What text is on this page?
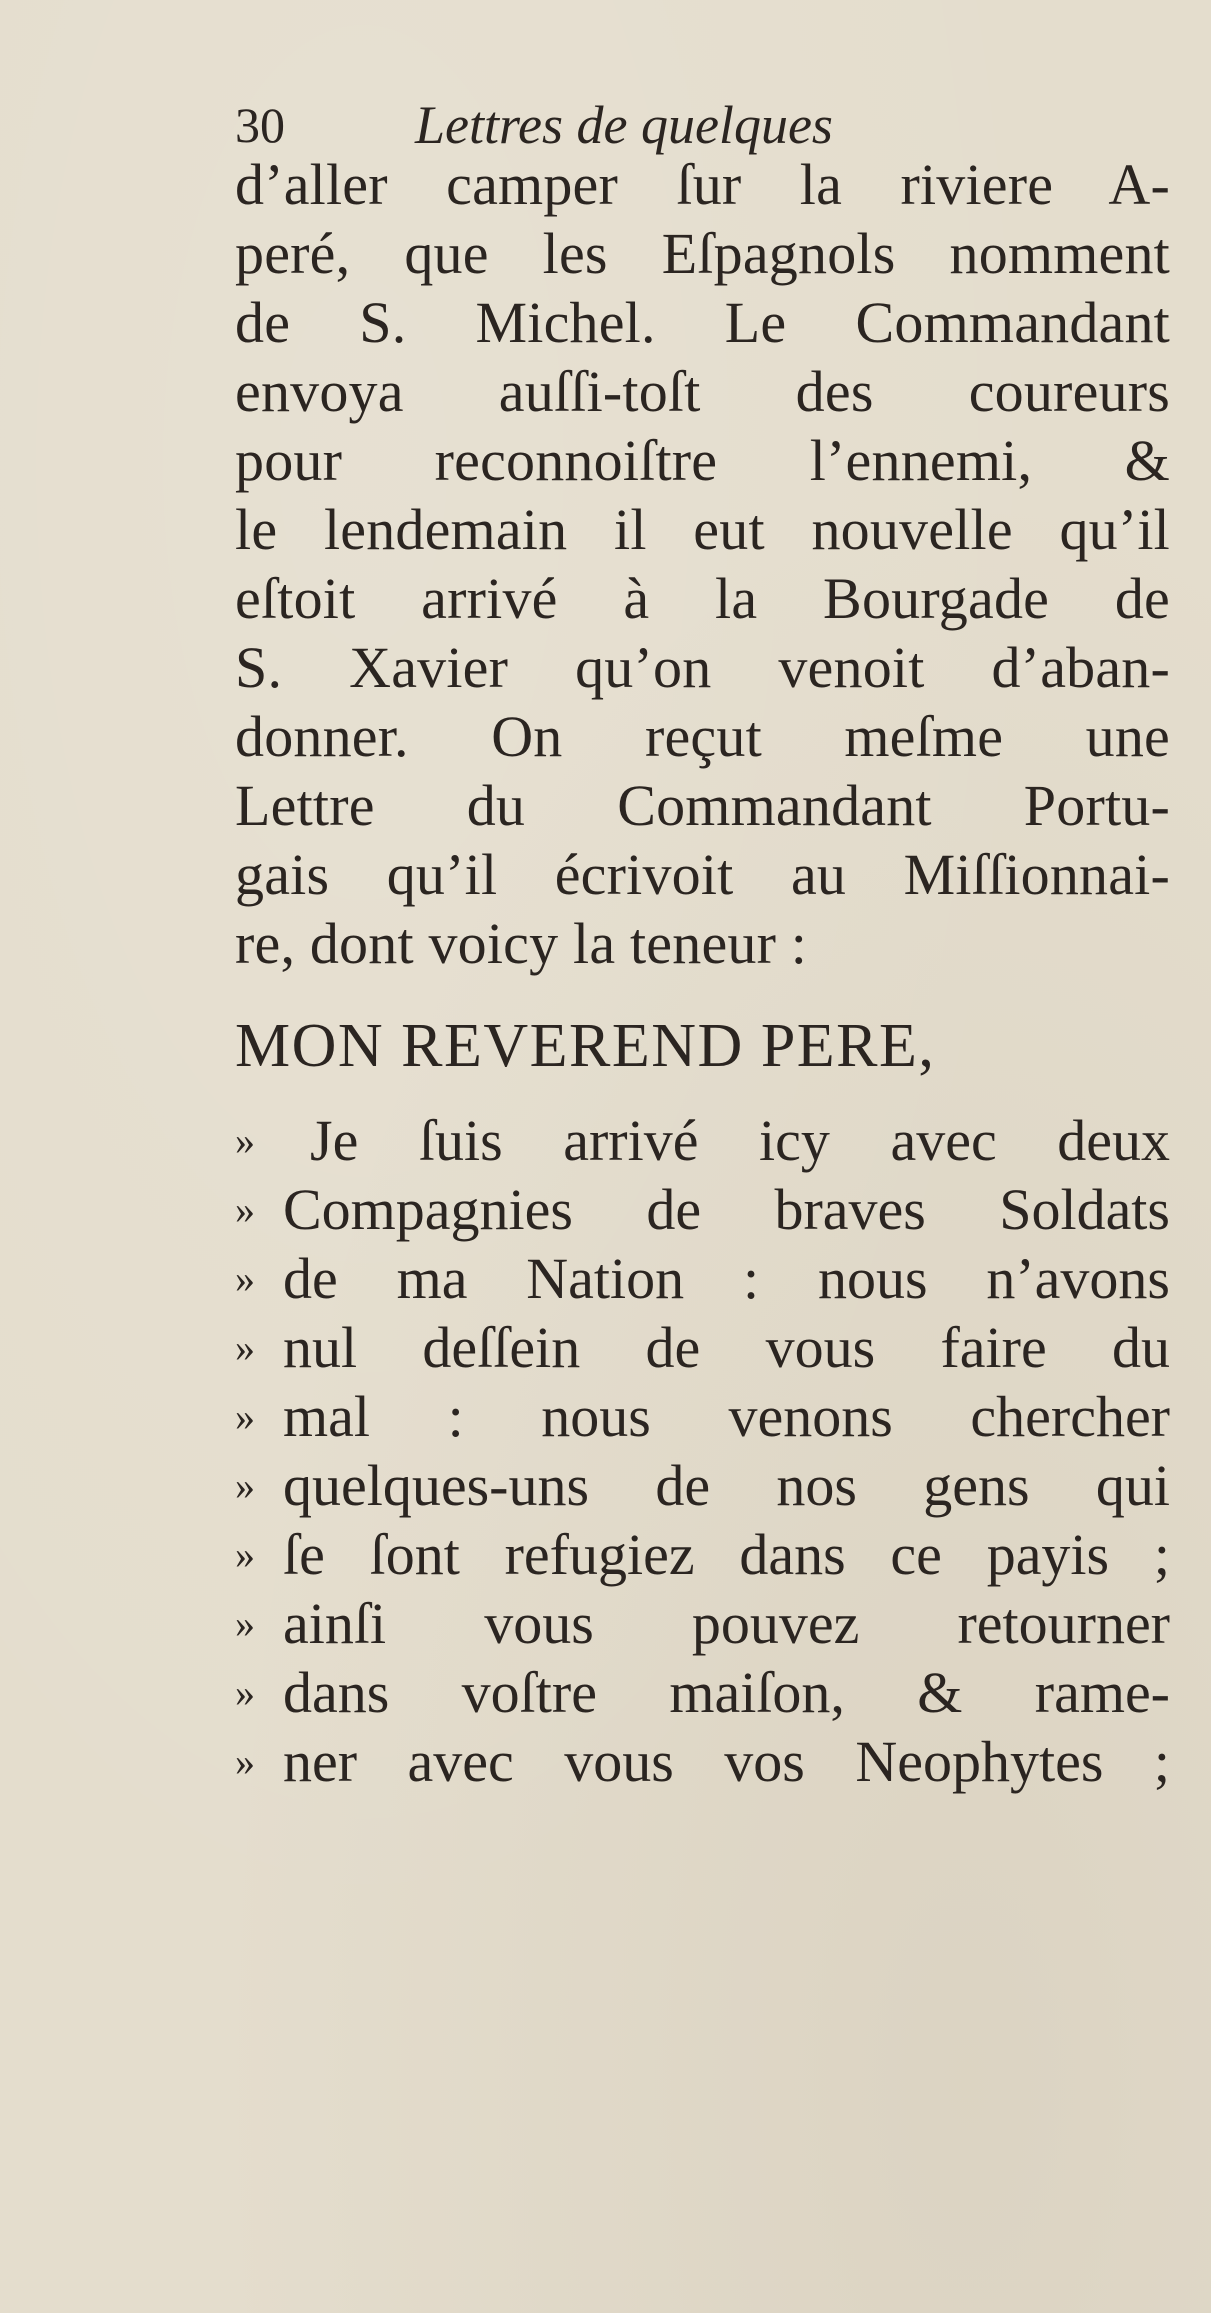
30 Lettres de quelques
d’aller camper ſur la riviere A-
peré, que les Eſpagnols nomment
de S. Michel. Le Commandant
envoya auſſi-toſt des coureurs
pour reconnoiſtre l’ennemi, &
le lendemain il eut nouvelle qu’il
eſtoit arrivé à la Bourgade de
S. Xavier qu’on venoit d’aban-
donner. On reçut meſme une
Lettre du Commandant Portu-
gais qu’il écrivoit au Miſſionnai-
re, dont voicy la teneur :
MON REVEREND PERE,
» Je ſuis arrivé icy avec deux
» Compagnies de braves Soldats
» de ma Nation : nous n’avons
» nul deſſein de vous faire du
» mal : nous venons chercher
» quelques-uns de nos gens qui
» ſe ſont refugiez dans ce payis ;
» ainſi vous pouvez retourner
» dans voſtre maiſon, & rame-
» ner avec vous vos Neophytes ;
